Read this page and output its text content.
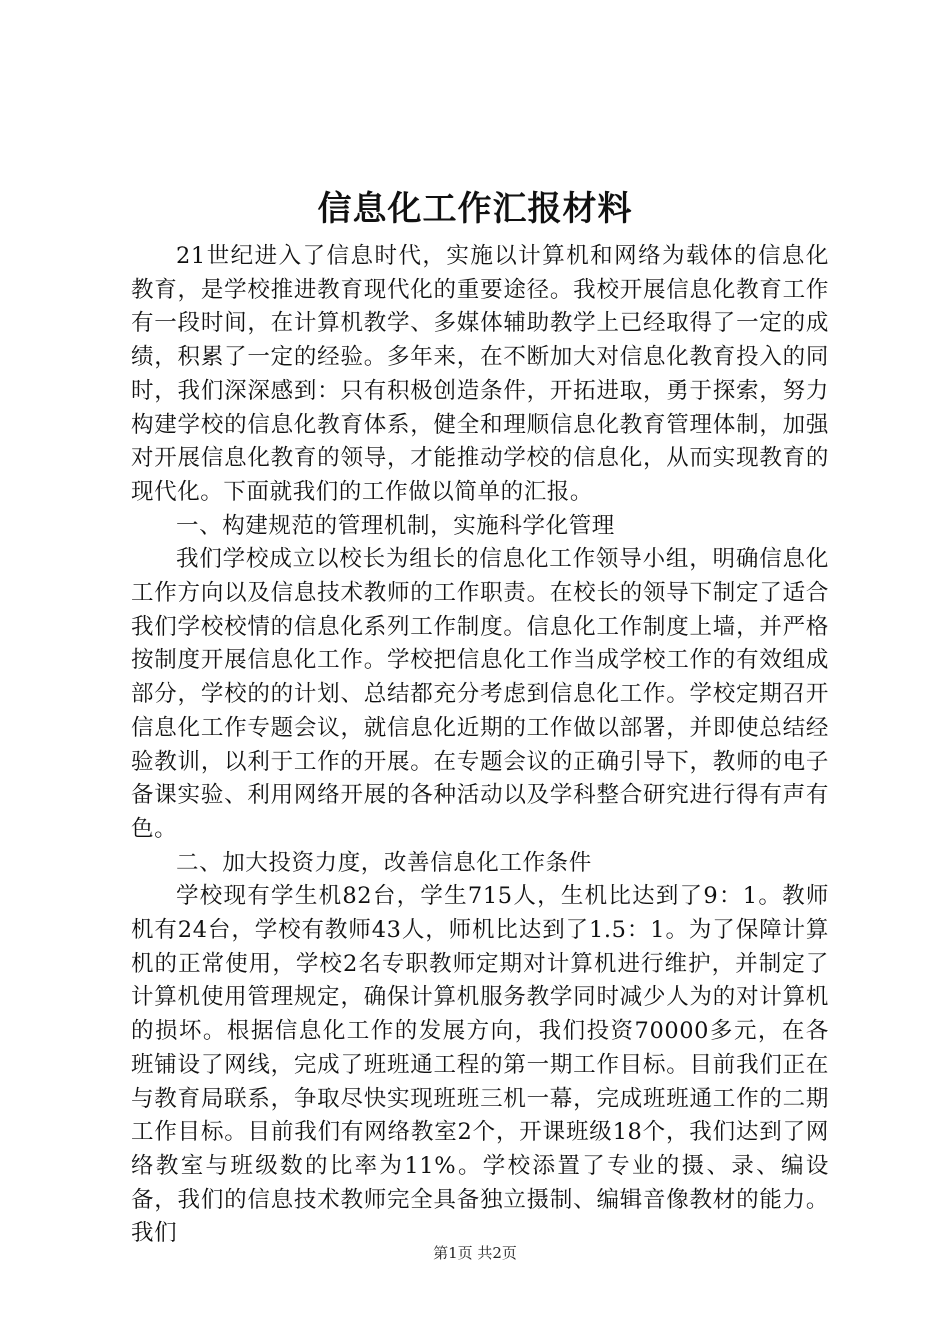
信息化工作汇报材料

21世纪进入了信息时代，实施以计算机和网络为载体的信息化教育，是学校推进教育现代化的重要途径。我校开展信息化教育工作有一段时间，在计算机教学、多媒体辅助教学上已经取得了一定的成绩，积累了一定的经验。多年来，在不断加大对信息化教育投入的同时，我们深深感到：只有积极创造条件，开拓进取，勇于探索，努力构建学校的信息化教育体系，健全和理顺信息化教育管理体制，加强对开展信息化教育的领导，才能推动学校的信息化，从而实现教育的现代化。下面就我们的工作做以简单的汇报。

一、构建规范的管理机制，实施科学化管理

我们学校成立以校长为组长的信息化工作领导小组，明确信息化工作方向以及信息技术教师的工作职责。在校长的领导下制定了适合我们学校校情的信息化系列工作制度。信息化工作制度上墙，并严格按制度开展信息化工作。学校把信息化工作当成学校工作的有效组成部分，学校的的计划、总结都充分考虑到信息化工作。学校定期召开信息化工作专题会议，就信息化近期的工作做以部署，并即使总结经验教训，以利于工作的开展。在专题会议的正确引导下，教师的电子备课实验、利用网络开展的各种活动以及学科整合研究进行得有声有色。

二、加大投资力度，改善信息化工作条件

学校现有学生机82台，学生715人，生机比达到了9：1。教师机有24台，学校有教师43人，师机比达到了1.5：1。为了保障计算机的正常使用，学校2名专职教师定期对计算机进行维护，并制定了计算机使用管理规定，确保计算机服务教学同时减少人为的对计算机的损坏。根据信息化工作的发展方向，我们投资70000多元，在各班铺设了网线，完成了班班通工程的第一期工作目标。目前我们正在与教育局联系，争取尽快实现班班三机一幕，完成班班通工作的二期工作目标。目前我们有网络教室2个，开课班级18个，我们达到了网络教室与班级数的比率为11%。学校添置了专业的摄、录、编设备，我们的信息技术教师完全具备独立摄制、编辑音像教材的能力。我们

第1页 共2页
